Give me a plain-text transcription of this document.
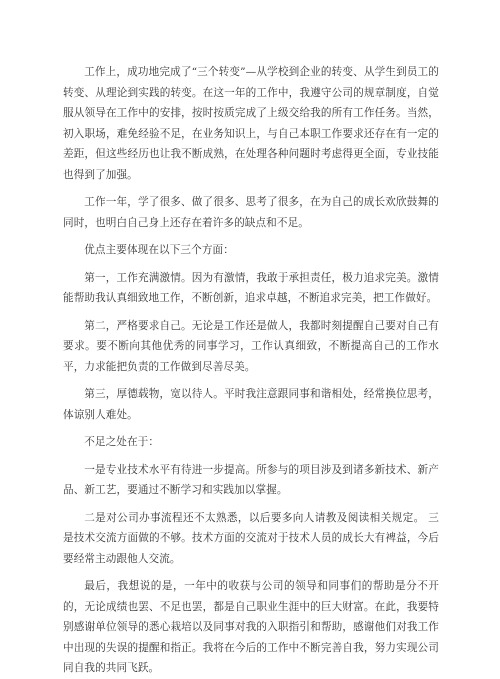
工作上，成功地完成了“三个转变”—从学校到企业的转变、从学生到员工的转变、从理论到实践的转变。在这一年的工作中，我遵守公司的规章制度，自觉服从领导在工作中的安排，按时按质完成了上级交给我的所有工作任务。当然，初入职场，难免经验不足，在业务知识上，与自己本职工作要求还存在有一定的差距，但这些经历也让我不断成熟，在处理各种问题时考虑得更全面，专业技能也得到了加强。

工作一年，学了很多、做了很多、思考了很多，在为自己的成长欢欣鼓舞的同时，也明白自己身上还存在着许多的缺点和不足。

优点主要体现在以下三个方面：

第一，工作充满激情。因为有激情，我敢于承担责任，极力追求完美。激情能帮助我认真细致地工作，不断创新，追求卓越，不断追求完美，把工作做好。

第二，严格要求自己。无论是工作还是做人，我都时刻提醒自己要对自己有要求。要不断向其他优秀的同事学习，工作认真细致，不断提高自己的工作水平，力求能把负责的工作做到尽善尽美。

第三，厚德载物，宽以待人。平时我注意跟同事和谐相处，经常换位思考，体谅别人难处。

不足之处在于：

一是专业技术水平有待进一步提高。所参与的项目涉及到诸多新技术、新产品、新工艺，要通过不断学习和实践加以掌握。

二是对公司办事流程还不太熟悉，以后要多向人请教及阅读相关规定。 三是技术交流方面做的不够。技术方面的交流对于技术人员的成长大有裨益，今后要经常主动跟他人交流。

最后，我想说的是，一年中的收获与公司的领导和同事们的帮助是分不开的，无论成绩也罢、不足也罢，都是自己职业生涯中的巨大财富。在此，我要特别感谢单位领导的悉心栽培以及同事对我的入职指引和帮助，感谢他们对我工作中出现的失误的提醒和指正。我将在今后的工作中不断完善自我，努力实现公司同自我的共同飞跃。
